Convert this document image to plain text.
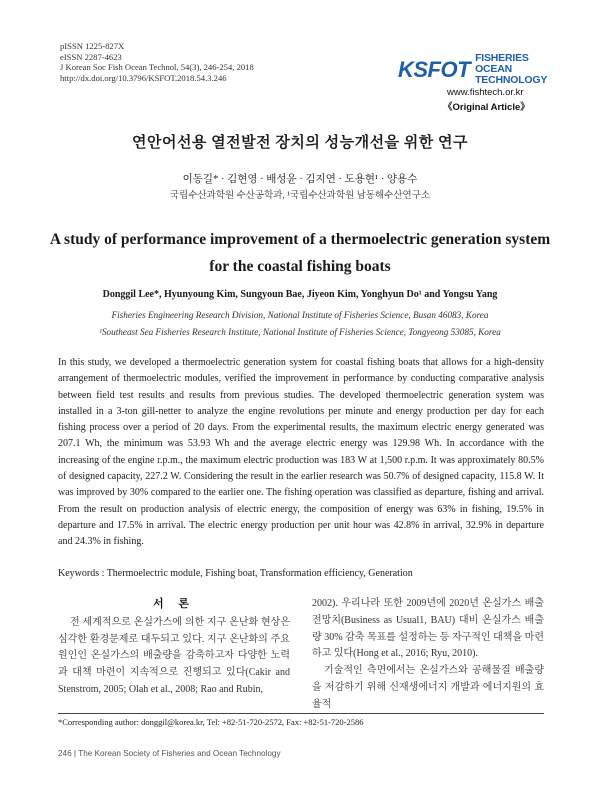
pISSN 1225-827X
eISSN 2287-4623
J Korean Soc Fish Ocean Technol, 54(3), 246-254, 2018
http://dx.doi.org/10.3796/KSFOT.2018.54.3.246	KSFOT FISHERIES OCEAN
TECHNOLOGY
www.fishtech.or.kr
《Original Article》
연안어선용 열전발전 장치의 성능개선을 위한 연구
이동길* · 김현영 · 배성윤 · 김지연 · 도용현¹ · 양용수
국립수산과학원 수산공학과, ¹국립수산과학원 남동해수산연구소
A study of performance improvement of a thermoelectric generation system for the coastal fishing boats
Donggil Lee*, Hyunyoung Kim, Sungyoun Bae, Jiyeon Kim, Yonghyun Do¹ and Yongsu Yang
Fisheries Engineering Research Division, National Institute of Fisheries Science, Busan 46083, Korea
¹Southeast Sea Fisheries Research Institute, National Institute of Fisheries Science, Tongyeong 53085, Korea
In this study, we developed a thermoelectric generation system for coastal fishing boats that allows for a high-density arrangement of thermoelectric modules, verified the improvement in performance by conducting comparative analysis between field test results and results from previous studies. The developed thermoelectric generation system was installed in a 3-ton gill-netter to analyze the engine revolutions per minute and energy production per day for each fishing process over a period of 20 days. From the experimental results, the maximum electric energy generated was 207.1 Wh, the minimum was 53.93 Wh and the average electric energy was 129.98 Wh. In accordance with the increasing of the engine r.p.m., the maximum electric production was 183 W at 1,500 r.p.m. It was approximately 80.5% of designed capacity, 227.2 W. Considering the result in the earlier research was 50.7% of designed capacity, 115.8 W. It was improved by 30% compared to the earlier one. The fishing operation was classified as departure, fishing and arrival. From the result on production analysis of electric energy, the composition of energy was 63% in fishing, 19.5% in departure and 17.5% in arrival. The electric energy production per unit hour was 42.8% in arrival, 32.9% in departure and 24.3% in fishing.
Keywords : Thermoelectric module, Fishing boat, Transformation efficiency, Generation
서 론
전 세계적으로 온실가스에 의한 지구 온난화 현상은 심각한 환경문제로 대두되고 있다. 지구 온난화의 주요 원인인 온실가스의 배출량을 감축하고자 다양한 노력과 대책 마련이 지속적으로 진행되고 있다(Cakir and Stenstrom, 2005; Olah et al., 2008; Rao and Rubin,
2002). 우리나라 또한 2009년에 2020년 온실가스 배출 전망치(Business as Usual1, BAU) 대비 온실가스 배출량 30% 감축 목표를 설정하는 등 자구적인 대책을 마련하고 있다(Hong et al., 2016; Ryu, 2010).
기술적인 측면에서는 온실가스와 공해물질 배출량을 저감하기 위해 신재생에너지 개발과 에너지원의 효율적
*Corresponding author: donggil@korea.kr, Tel: +82-51-720-2572, Fax: +82-51-720-2586
246 | The Korean Society of Fisheries and Ocean Technology
